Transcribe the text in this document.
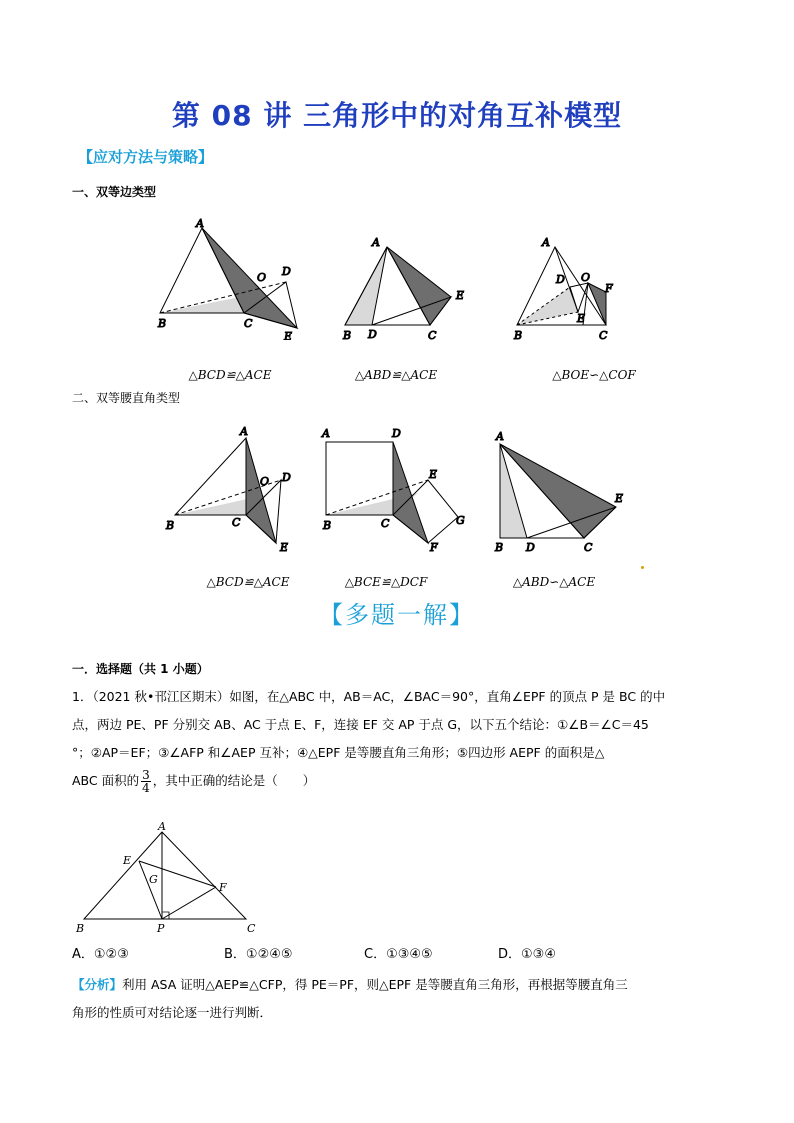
第 08 讲 三角形中的对角互补模型
【应对方法与策略】
一、双等边类型
A
O D
B	C
E
A
E
B D	C
A
D O
F
E
B	C
△BCD≌△ACE	△ABD≌△ACE	△BOE∽△COF
二、双等腰直角类型
A
O D
B	C
E
A	D
E
G
B	C
F
A
E
B D	C
△BCD≌△ACE	△BCE≌△DCF	△ABD∽△ACE
【多题一解】
一．选择题（共 1 小题）
1．（2021 秋•邗江区期末）如图，在△ABC 中，AB＝AC，∠BAC＝90°，直角∠EPF 的顶点 P 是 BC 的中
点，两边 PE、PF 分别交 AB、AC 于点 E、F，连接 EF 交 AP 于点 G，以下五个结论：①∠B＝∠C＝45
°；②AP＝EF；③∠AFP 和∠AEP 互补；④△EPF 是等腰直角三角形；⑤四边形 AEPF 的面积是△
ABC 面积的 $\frac{3}{4}$ ，其中正确的结论是（　　）
A
E
G
F
B	P	C
A．①②③	B．①②④⑤	C．①③④⑤	D．①③④
【分析】利用 ASA 证明△AEP≌△CFP，得 PE＝PF，则△EPF 是等腰直角三角形，再根据等腰直角三
角形的性质可对结论逐一进行判断．
